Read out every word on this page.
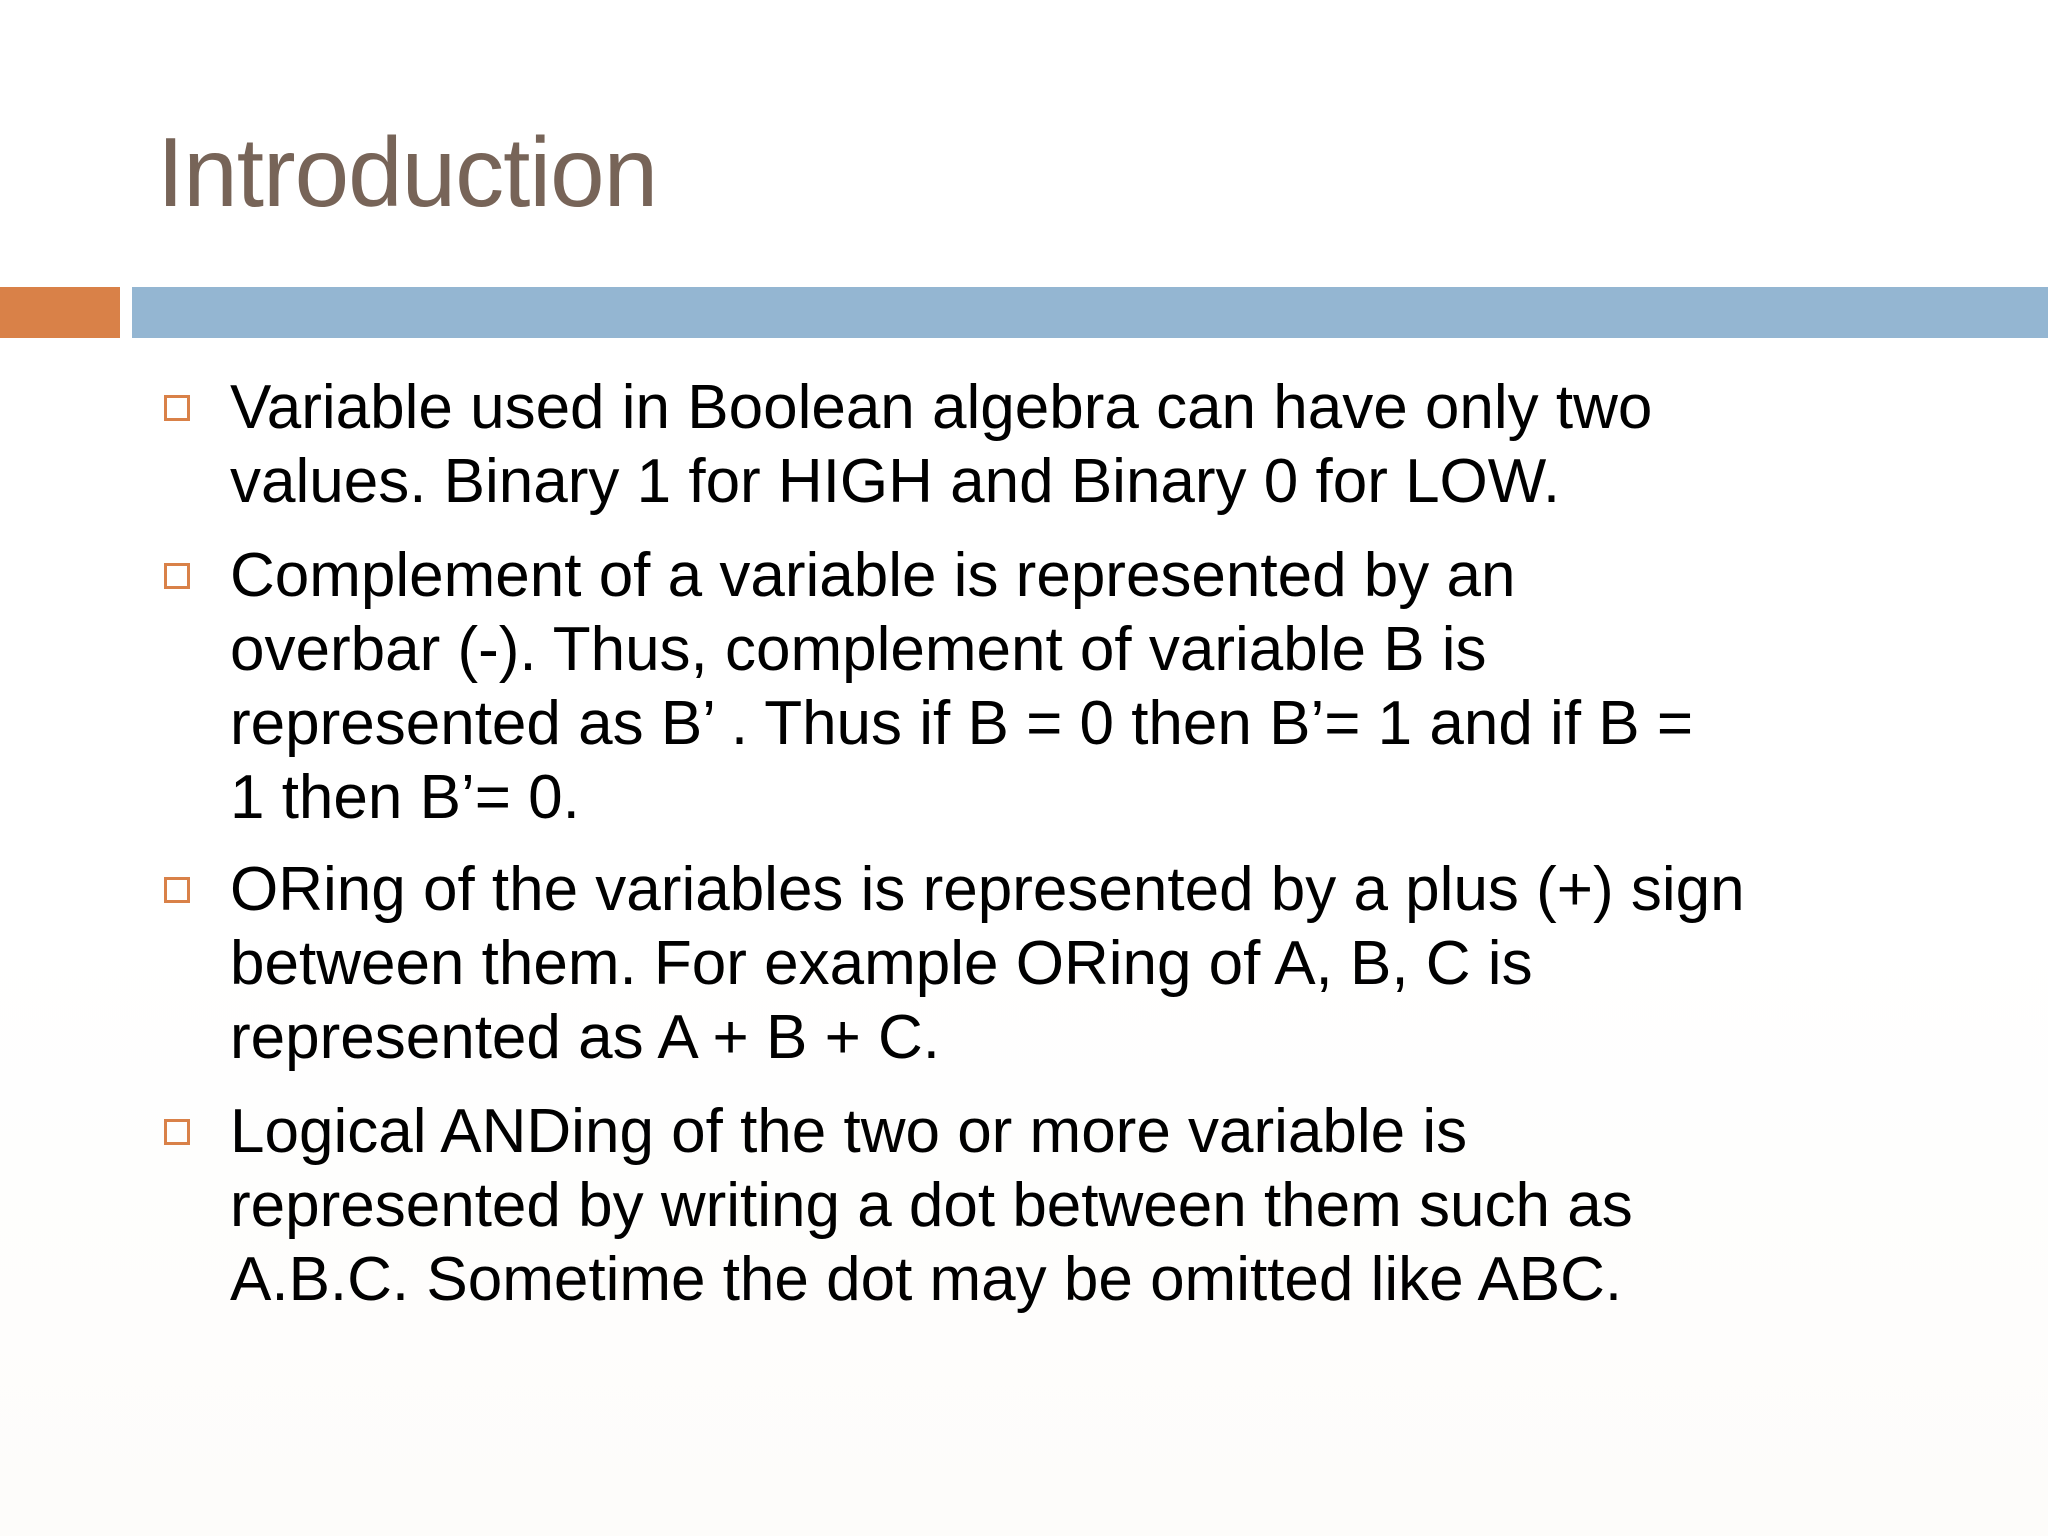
Introduction
Variable used in Boolean algebra can have only two
values. Binary 1 for HIGH and Binary 0 for LOW.
Complement of a variable is represented by an
overbar (-). Thus, complement of variable B is
represented as B’ . Thus if B = 0 then B’= 1 and if B =
1 then B’= 0.
ORing of the variables is represented by a plus (+) sign
between them. For example ORing of A, B, C is
represented as A + B + C.
Logical ANDing of the two or more variable is
represented by writing a dot between them such as
A.B.C. Sometime the dot may be omitted like ABC.
